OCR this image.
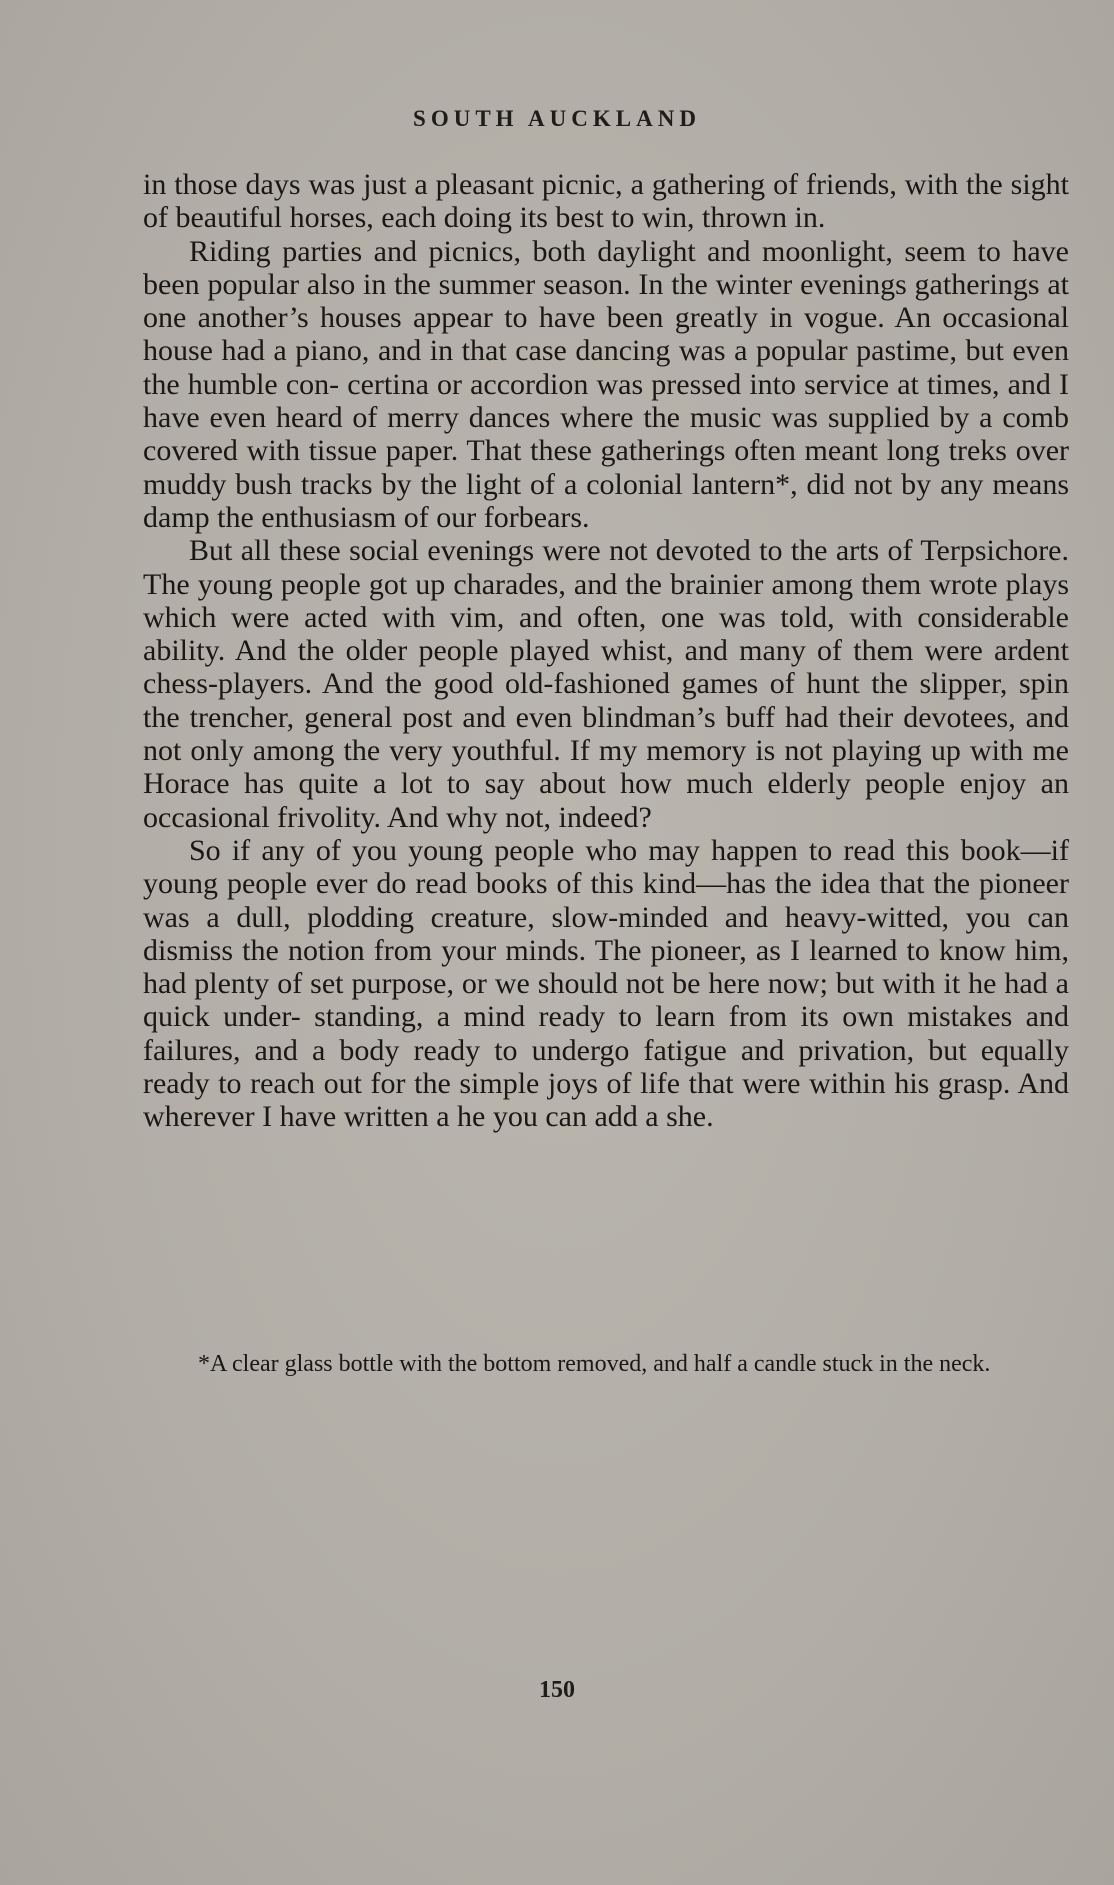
SOUTH AUCKLAND

in those days was just a pleasant picnic, a gathering of friends, with the sight of beautiful horses, each doing its best to win, thrown in.

Riding parties and picnics, both daylight and moonlight, seem to have been popular also in the summer season. In the winter evenings gatherings at one another’s houses appear to have been greatly in vogue. An occasional house had a piano, and in that case dancing was a popular pastime, but even the humble con- certina or accordion was pressed into service at times, and I have even heard of merry dances where the music was supplied by a comb covered with tissue paper. That these gatherings often meant long treks over muddy bush tracks by the light of a colonial lantern*, did not by any means damp the enthusiasm of our forbears.

But all these social evenings were not devoted to the arts of Terpsichore. The young people got up charades, and the brainier among them wrote plays which were acted with vim, and often, one was told, with considerable ability. And the older people played whist, and many of them were ardent chess-players. And the good old-fashioned games of hunt the slipper, spin the trencher, general post and even blindman’s buff had their devotees, and not only among the very youthful. If my memory is not playing up with me Horace has quite a lot to say about how much elderly people enjoy an occasional frivolity. And why not, indeed?

So if any of you young people who may happen to read this book—if young people ever do read books of this kind—has the idea that the pioneer was a dull, plodding creature, slow-minded and heavy-witted, you can dismiss the notion from your minds. The pioneer, as I learned to know him, had plenty of set purpose, or we should not be here now; but with it he had a quick under- standing, a mind ready to learn from its own mistakes and failures, and a body ready to undergo fatigue and privation, but equally ready to reach out for the simple joys of life that were within his grasp. And wherever I have written a he you can add a she.

*A clear glass bottle with the bottom removed, and half a candle stuck in the neck.
150
